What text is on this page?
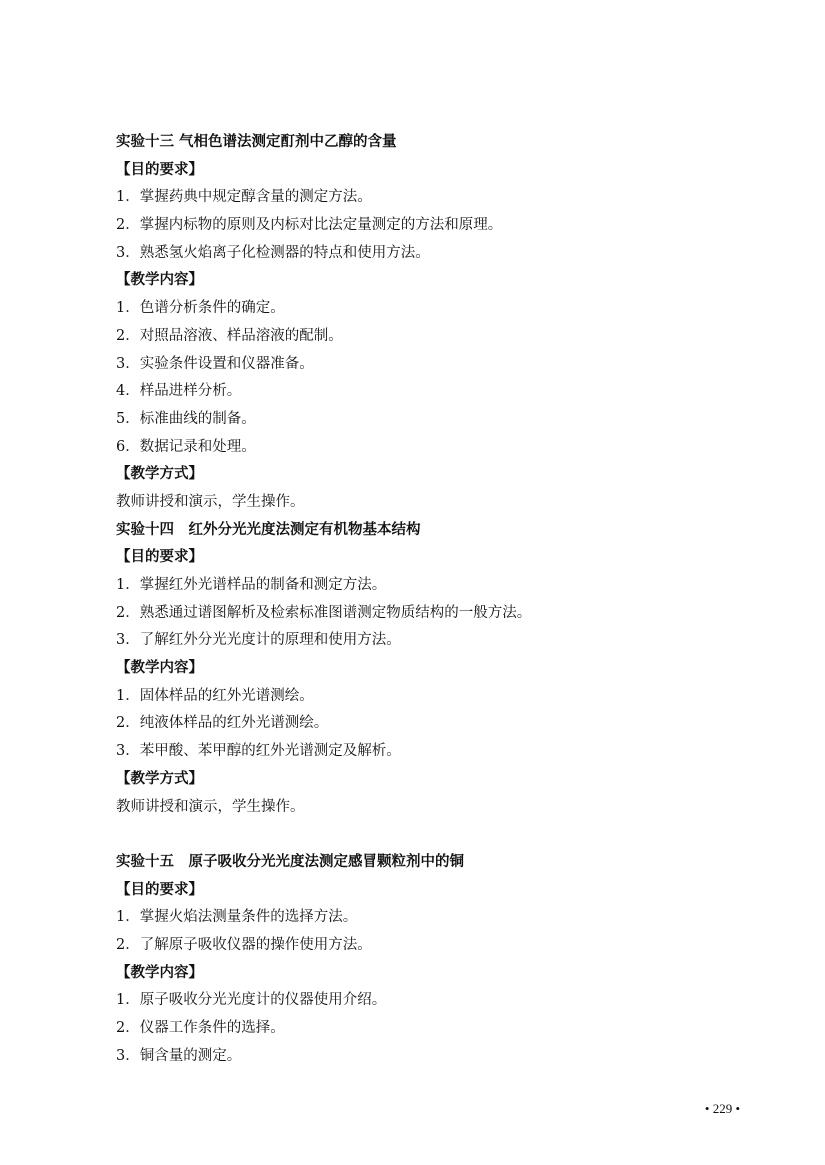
实验十三 气相色谱法测定酊剂中乙醇的含量
【目的要求】
1．掌握药典中规定醇含量的测定方法。
2．掌握内标物的原则及内标对比法定量测定的方法和原理。
3．熟悉氢火焰离子化检测器的特点和使用方法。
【教学内容】
1．色谱分析条件的确定。
2．对照品溶液、样品溶液的配制。
3．实验条件设置和仪器准备。
4．样品进样分析。
5．标准曲线的制备。
6．数据记录和处理。
【教学方式】
教师讲授和演示，学生操作。
实验十四　红外分光光度法测定有机物基本结构
【目的要求】
1．掌握红外光谱样品的制备和测定方法。
2．熟悉通过谱图解析及检索标准图谱测定物质结构的一般方法。
3．了解红外分光光度计的原理和使用方法。
【教学内容】
1．固体样品的红外光谱测绘。
2．纯液体样品的红外光谱测绘。
3．苯甲酸、苯甲醇的红外光谱测定及解析。
【教学方式】
教师讲授和演示，学生操作。
实验十五　原子吸收分光光度法测定感冒颗粒剂中的铜
【目的要求】
1．掌握火焰法测量条件的选择方法。
2．了解原子吸收仪器的操作使用方法。
【教学内容】
1．原子吸收分光光度计的仪器使用介绍。
2．仪器工作条件的选择。
3．铜含量的测定。
• 229 •
